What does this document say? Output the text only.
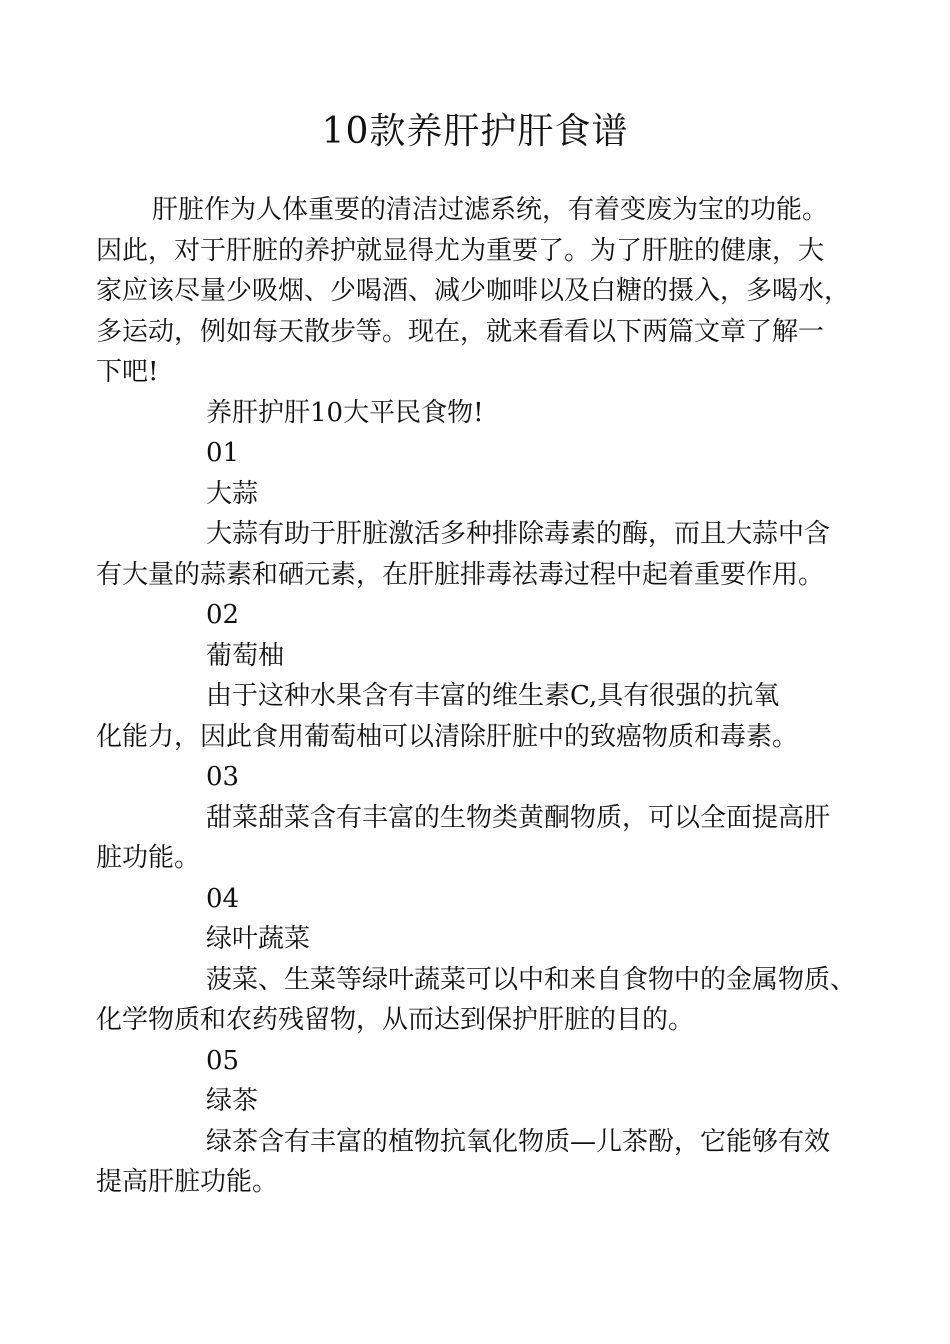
10款养肝护肝食谱
肝脏作为人体重要的清洁过滤系统，有着变废为宝的功能。
因此，对于肝脏的养护就显得尤为重要了。为了肝脏的健康，大
家应该尽量少吸烟、少喝酒、减少咖啡以及白糖的摄入，多喝水，
多运动，例如每天散步等。现在，就来看看以下两篇文章了解一
下吧!
养肝护肝10大平民食物!
01
大蒜
大蒜有助于肝脏激活多种排除毒素的酶，而且大蒜中含
有大量的蒜素和硒元素，在肝脏排毒祛毒过程中起着重要作用。
02
葡萄柚
由于这种水果含有丰富的维生素C,具有很强的抗氧
化能力，因此食用葡萄柚可以清除肝脏中的致癌物质和毒素。
03
甜菜甜菜含有丰富的生物类黄酮物质，可以全面提高肝
脏功能。
04
绿叶蔬菜
菠菜、生菜等绿叶蔬菜可以中和来自食物中的金属物质、
化学物质和农药残留物，从而达到保护肝脏的目的。
05
绿茶
绿茶含有丰富的植物抗氧化物质—儿茶酚，它能够有效
提高肝脏功能。
